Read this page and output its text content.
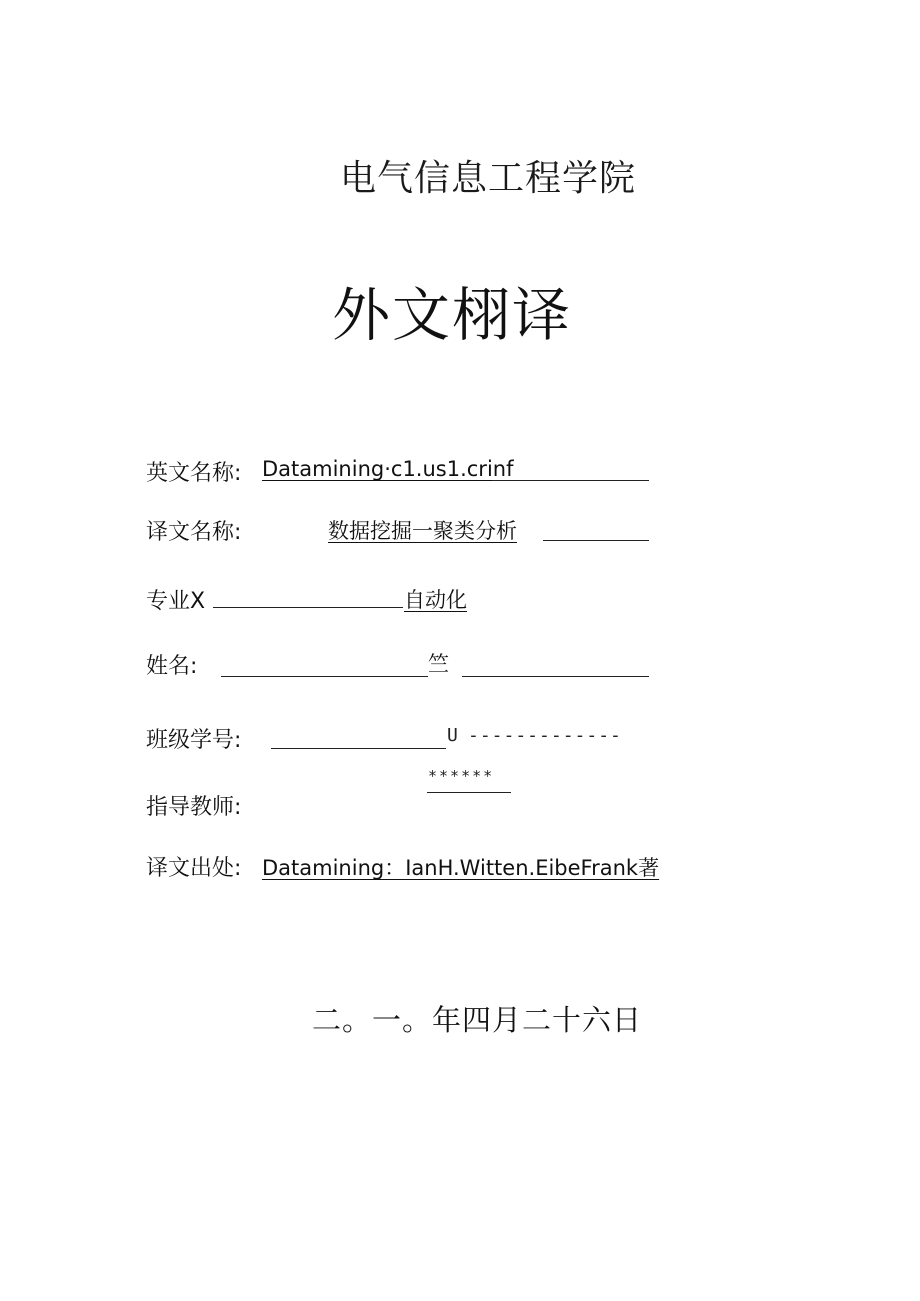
电气信息工程学院
外文栩译
英文名称: Datamining·c1.us1.crinf
译文名称:	数据挖掘一聚类分析
专业X	自动化
姓名:	竺
班级学号:	U -------------
******
指导教师:
译文出处: Datamining：IanH.Witten.EibeFrank著
二。一。年四月二十六日
